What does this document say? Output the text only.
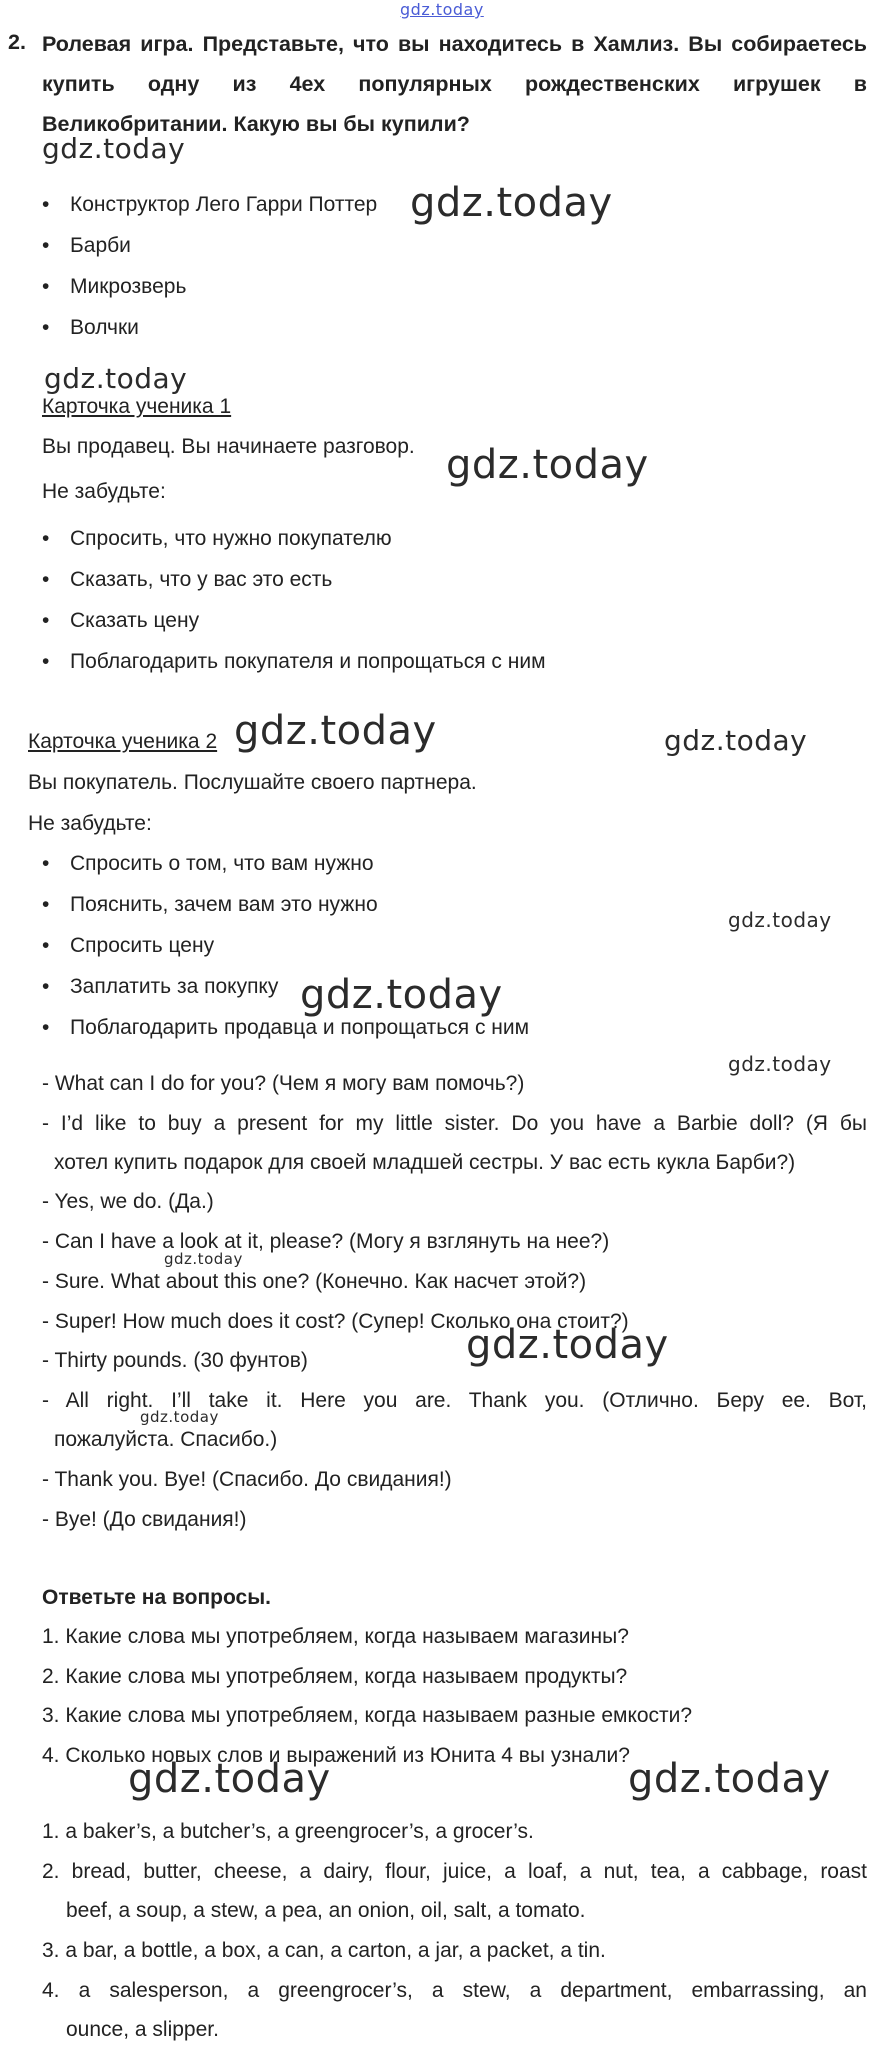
gdz.today
2. Ролевая игра. Представьте, что вы находитесь в Хамлиз. Вы собираетесь купить одну из 4ех популярных рождественских игрушек в Великобритании. Какую вы бы купили?
gdz.today
• Конструктор Лего Гарри Поттер
• Барби
• Микрозверь
• Волчки
gdz.today
gdz.today
Карточка ученика 1
Вы продавец. Вы начинаете разговор. gdz.today
Не забудьте:
• Спросить, что нужно покупателю
• Сказать, что у вас это есть
• Сказать цену
• Поблагодарить покупателя и попрощаться с ним
Карточка ученика 2 gdz.today	gdz.today
Вы покупатель. Послушайте своего партнера.
Не забудьте:
• Спросить о том, что вам нужно
• Пояснить, зачем вам это нужно
• Спросить цену
• Заплатить за покупку
• Поблагодарить продавца и попрощаться с ним
gdz.today
gdz.today
gdz.today
- What can I do for you? (Чем я могу вам помочь?)
- I’d like to buy a present for my little sister. Do you have a Barbie doll? (Я бы
хотел купить подарок для своей младшей сестры. У вас есть кукла Барби?)
- Yes, we do. (Да.)
- Can I have a look at it, please? (Могу я взглянуть на нее?)
gdz.today
- Sure. What about this one? (Конечно. Как насчет этой?)
- Super! How much does it cost? (Супер! Сколько она стоит?)
- Thirty pounds. (30 фунтов)
- All right. I’ll take it. Here you are. Thank you. (Отлично. Беру ее. Вот,
gdz.today
пожалуйста. Спасибо.)
- Thank you. Bye! (Спасибо. До свидания!)
- Bye! (До свидания!)
gdz.today
Ответьте на вопросы.
1. Какие слова мы употребляем, когда называем магазины?
2. Какие слова мы употребляем, когда называем продукты?
3. Какие слова мы употребляем, когда называем разные емкости?
4. Сколько новых слов и выражений из Юнита 4 вы узнали?
gdz.today	gdz.today
1. a baker’s, a butcher’s, a greengrocer’s, a grocer’s.
2. bread, butter, cheese, a dairy, flour, juice, a loaf, a nut, tea, a cabbage, roast
beef, a soup, a stew, a pea, an onion, oil, salt, a tomato.
3. a bar, a bottle, a box, a can, a carton, a jar, a packet, a tin.
4. a salesperson, a greengrocer’s, a stew, a department, embarrassing, an
ounce, a slipper.
